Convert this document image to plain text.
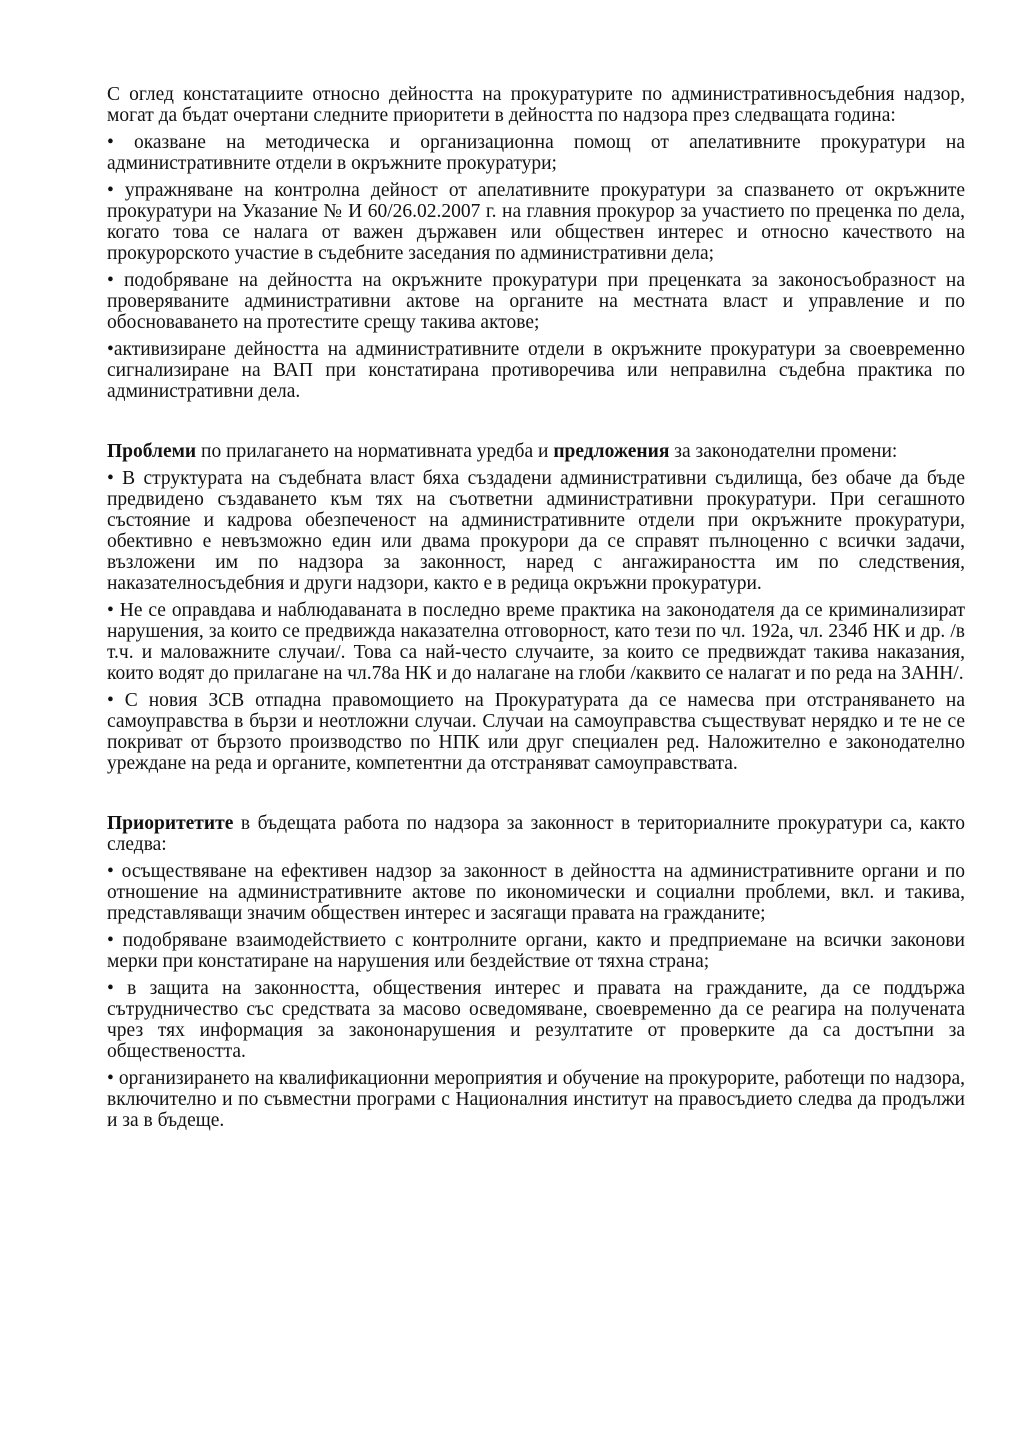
С оглед констатациите относно дейността на прокуратурите по административносъдебния надзор, могат да бъдат очертани следните приоритети в дейността по надзора през следващата година:

• оказване на методическа и организационна помощ от апелативните прокуратури на административните отдели в окръжните прокуратури;

• упражняване на контролна дейност от апелативните прокуратури за спазването от окръжните прокуратури на Указание № И 60/26.02.2007 г. на главния прокурор за участието по преценка по дела, когато това се налага от важен държавен или обществен интерес и относно качеството на прокурорското участие в съдебните заседания по административни дела;

• подобряване на дейността на окръжните прокуратури при преценката за законосъобразност на проверяваните административни актове на органите на местната власт и управление и по обосноваването на протестите срещу такива актове;

•активизиране дейността на административните отдели в окръжните прокуратури за своевременно сигнализиране на ВАП при констатирана противоречива или неправилна съдебна практика по административни дела.

Проблеми по прилагането на нормативната уредба и предложения за законодателни промени:

• В структурата на съдебната власт бяха създадени административни съдилища, без обаче да бъде предвидено създаването към тях на съответни административни прокуратури. При сегашното състояние и кадрова обезпеченост на административните отдели при окръжните прокуратури, обективно е невъзможно един или двама прокурори да се справят пълноценно с всички задачи, възложени им по надзора за законност, наред с ангажираността им по следствения, наказателносъдебния и други надзори, както е в редица окръжни прокуратури.

• Не се оправдава и наблюдаваната в последно време практика на законодателя да се криминализират нарушения, за които се предвижда наказателна отговорност, като тези по чл. 192а, чл. 234б НК и др. /в т.ч. и маловажните случаи/. Това са най-често случаите, за които се предвиждат такива наказания, които водят до прилагане на чл.78а НК и до налагане на глоби /каквито се налагат и по реда на ЗАНН/.

• С новия ЗСВ отпадна правомощието на Прокуратурата да се намесва при отстраняването на самоуправства в бързи и неотложни случаи. Случаи на самоуправства съществуват нерядко и те не се покриват от бързото производство по НПК или друг специален ред. Наложително е законодателно уреждане на реда и органите, компетентни да отстраняват самоуправствата.

Приоритетите в бъдещата работа по надзора за законност в териториалните прокуратури са, както следва:

• осъществяване на ефективен надзор за законност в дейността на административните органи и по отношение на административните актове по икономически и социални проблеми, вкл. и такива, представляващи значим обществен интерес и засягащи правата на гражданите;

• подобряване взаимодействието с контролните органи, както и предприемане на всички законови мерки при констатиране на нарушения или бездействие от тяхна страна;

• в защита на законността, обществения интерес и правата на гражданите, да се поддържа сътрудничество със средствата за масово осведомяване, своевременно да се реагира на получената чрез тях информация за закононарушения и резултатите от проверките да са достъпни за обществеността.

• организирането на квалификационни мероприятия и обучение на прокурорите, работещи по надзора, включително и по съвместни програми с Националния институт на правосъдието следва да продължи и за в бъдеще.
